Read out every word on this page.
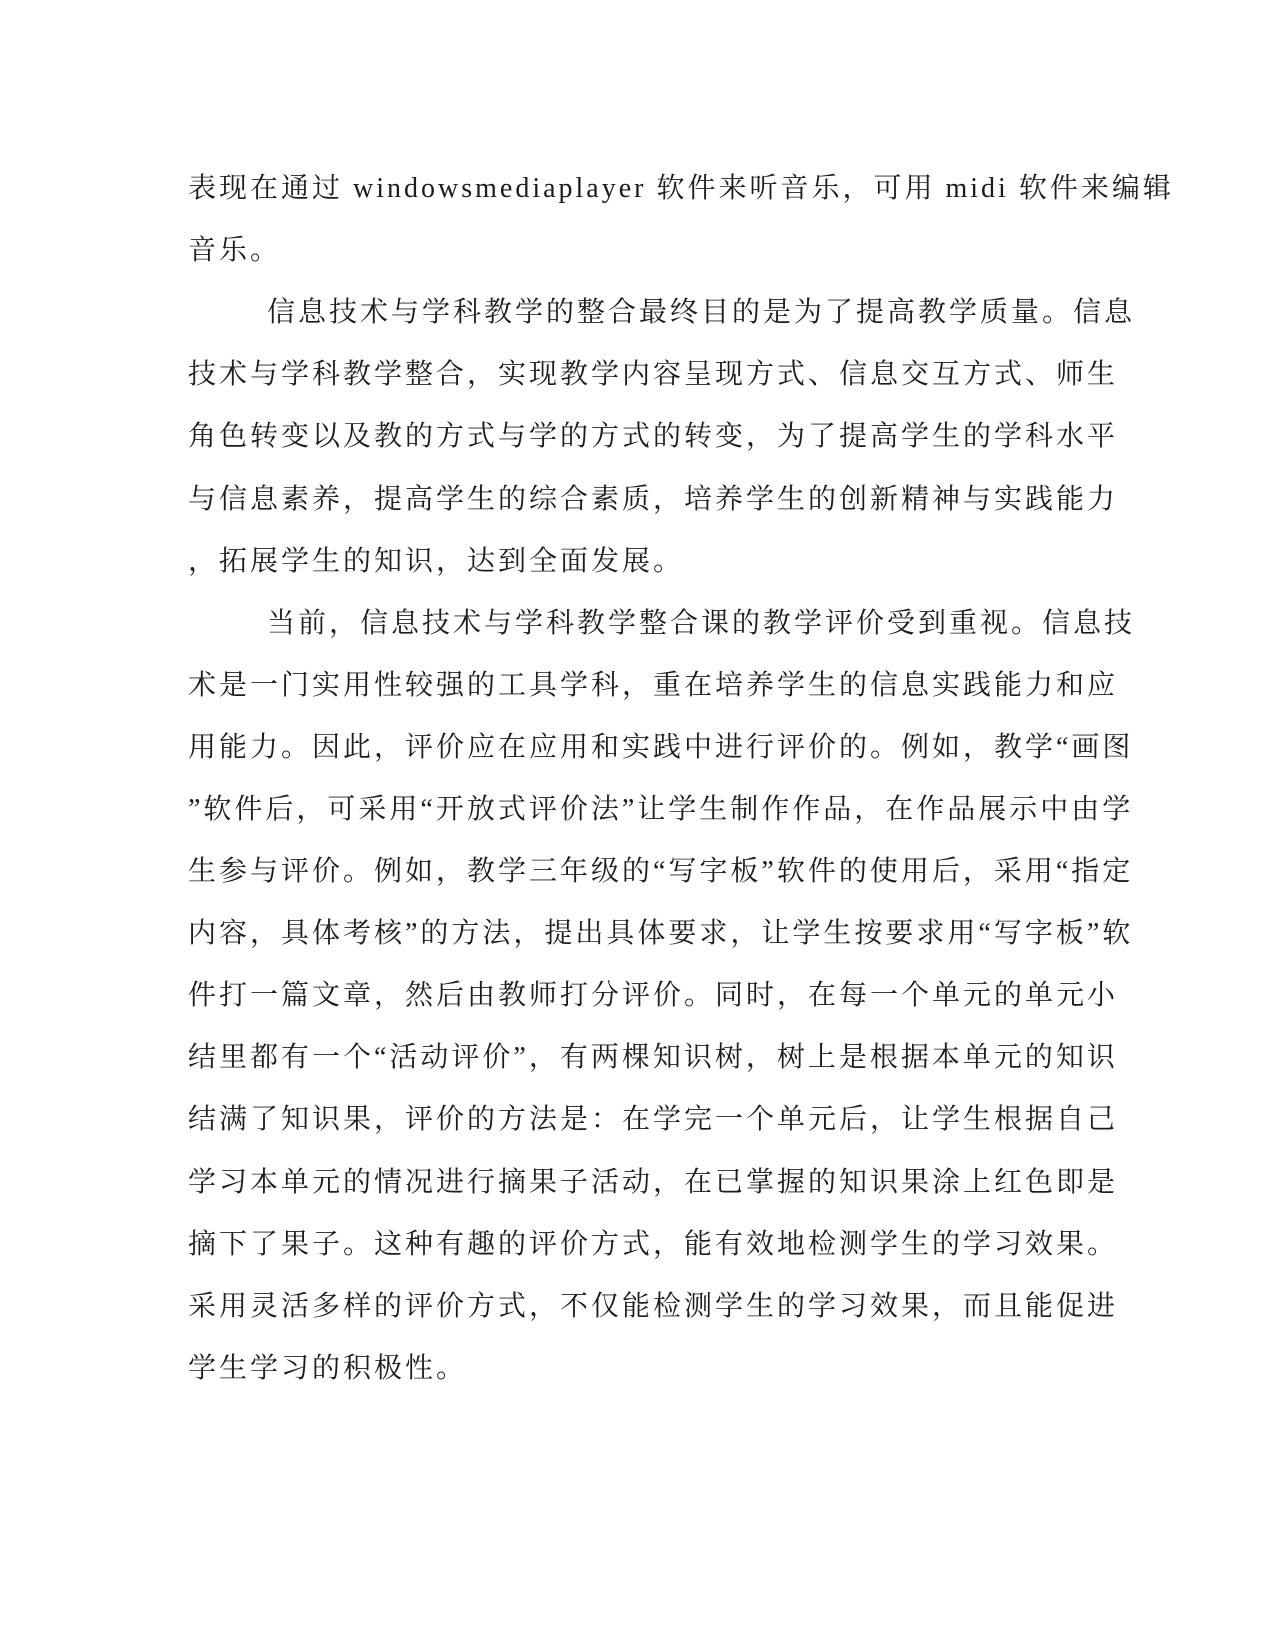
表现在通过 windowsmediaplayer 软件来听音乐，可用 midi 软件来编辑
音乐。
信息技术与学科教学的整合最终目的是为了提高教学质量。信息
技术与学科教学整合，实现教学内容呈现方式、信息交互方式、师生
角色转变以及教的方式与学的方式的转变，为了提高学生的学科水平
与信息素养，提高学生的综合素质，培养学生的创新精神与实践能力
，拓展学生的知识，达到全面发展。
当前，信息技术与学科教学整合课的教学评价受到重视。信息技
术是一门实用性较强的工具学科，重在培养学生的信息实践能力和应
用能力。因此，评价应在应用和实践中进行评价的。例如，教学“画图
”软件后，可采用“开放式评价法”让学生制作作品，在作品展示中由学
生参与评价。例如，教学三年级的“写字板”软件的使用后，采用“指定
内容，具体考核”的方法，提出具体要求，让学生按要求用“写字板”软
件打一篇文章，然后由教师打分评价。同时，在每一个单元的单元小
结里都有一个“活动评价”，有两棵知识树，树上是根据本单元的知识
结满了知识果，评价的方法是：在学完一个单元后，让学生根据自己
学习本单元的情况进行摘果子活动，在已掌握的知识果涂上红色即是
摘下了果子。这种有趣的评价方式，能有效地检测学生的学习效果。
采用灵活多样的评价方式，不仅能检测学生的学习效果，而且能促进
学生学习的积极性。
